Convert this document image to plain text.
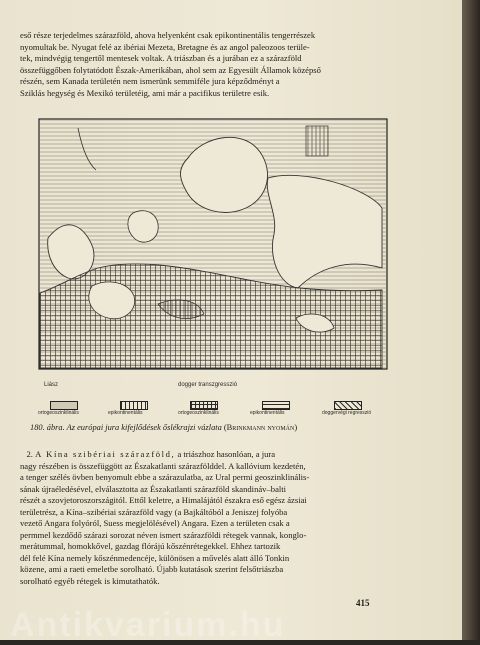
eső része terjedelmes szárazföld, ahova helyenként csak epikontinentális tengerrészek
nyomultak be. Nyugat felé az ibériai Mezeta, Bretagne és az angol paleozoos terüle-
tek, mindvégig tengertől mentesek voltak. A triászban és a jurában ez a szárazföld
összefüggőben folytatódott Észak-Amerikában, ahol sem az Egyesült Államok középső
részén, sem Kanada területén nem ismerünk semmiféle jura képződményt a
Sziklás hegység és Mexikó területéig, ami már a pacifikus területre esik.

Liász	dogger transzgresszió
ortogeoszinklinális	epikontinentális	ortogeoszinklinális	epikontinentális	doggervégi regresszió
180. ábra. Az európai jura kifejlődések őslékrajzi vázlata (Brinkmann nyomán)

2. A Kína szibériai szárazföld, a triászhoz hasonlóan, a jura
nagy részében is összefüggött az Északatlanti szárazfölddel. A kallóvium kezdetén,
a tenger szélés övben benyomult ebbe a szárazulatba, az Ural permi geoszinklinális-
sának újraéledésével, elválasztotta az Északatlanti szárazföld skandináv–balti
részét a szovjetoroszországitól. Ettől keletre, a Himalájától északra eső egész ázsiai
területrész, a Kína–szibériai szárazföld vagy (a Bajkáltóból a Jeniszej folyóba
vezető Angara folyóról, Suess megjelölésével) Angara. Ezen a területen csak a
permmel kezdődő szárazi sorozat néven ismert szárazföldi rétegek vannak, konglo-
merátummal, homokkővel, gazdag flórájú kőszénrétegekkel. Ehhez tartozik
dél felé Kína nemely kőszénmedencéje, különösen a művelés alatt álló Tonkin
közene, ami a raeti emeletbe sorolható. Újabb kutatások szerint felsőtriászba
sorolható egyéb rétegek is kimutathatók.

415
Antikvarium.hu
